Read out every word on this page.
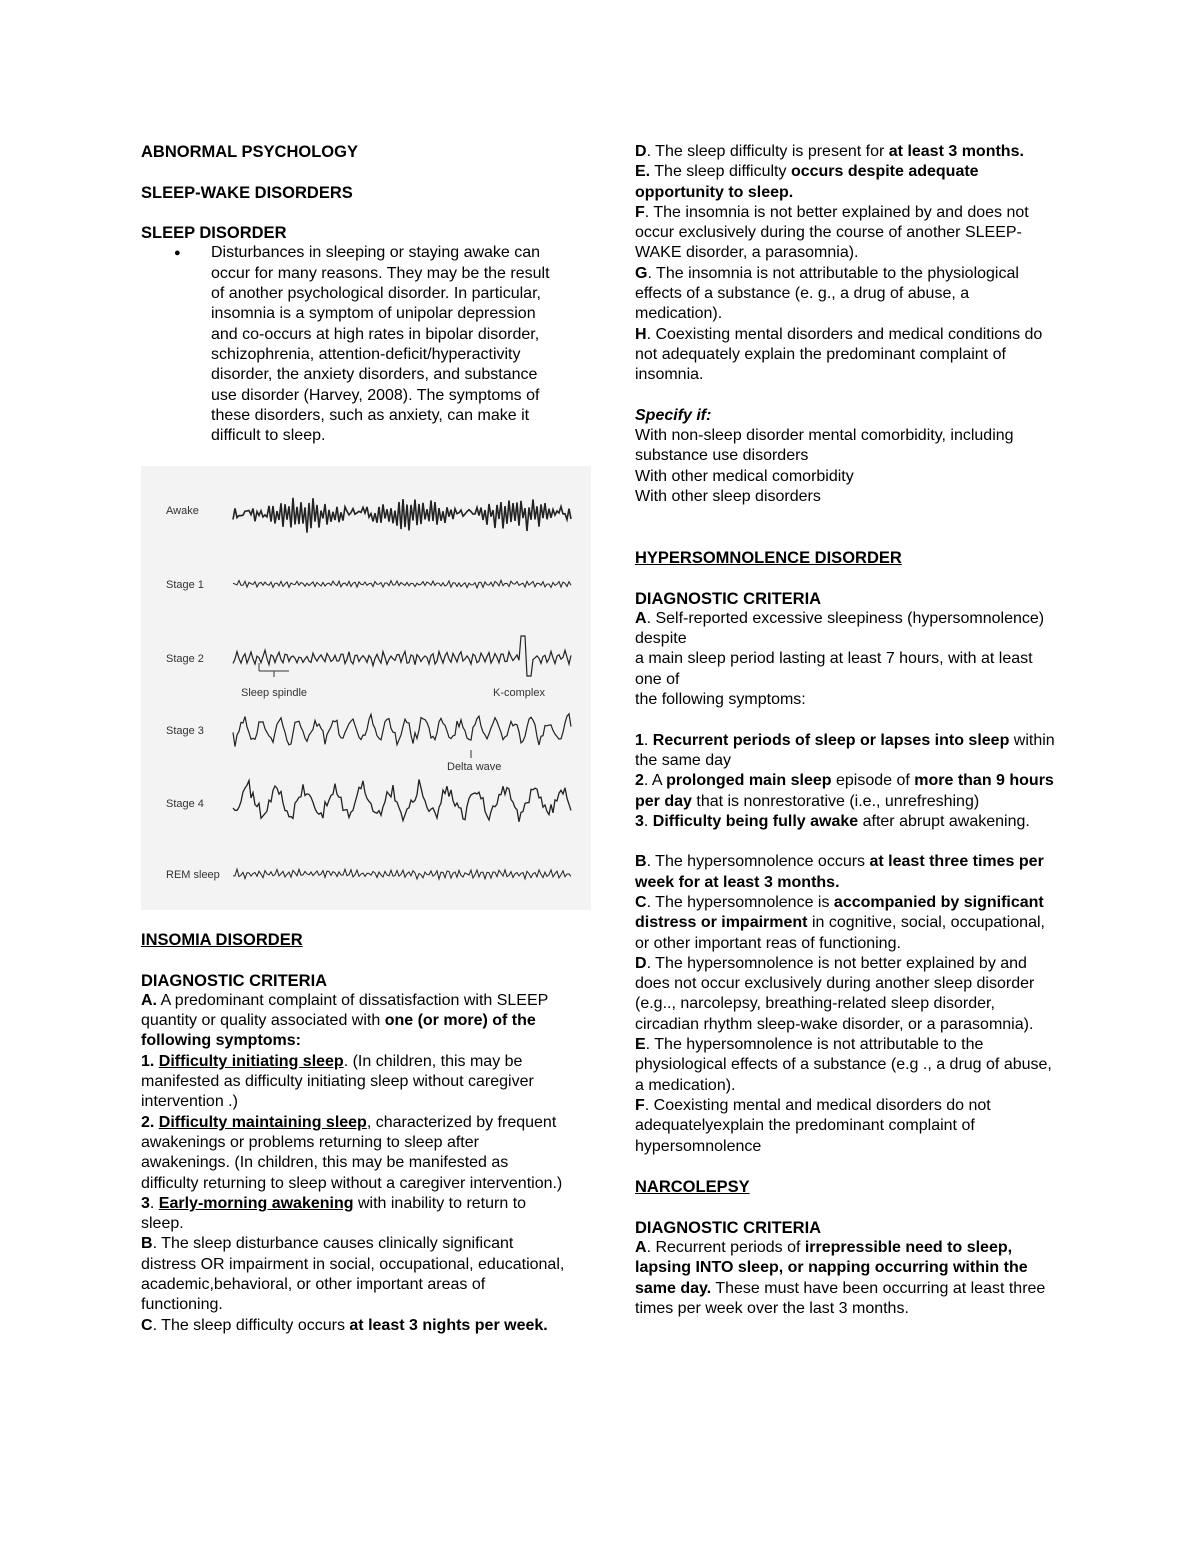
ABNORMAL PSYCHOLOGY

SLEEP-WAKE DISORDERS

SLEEP DISORDER

● Disturbances in sleeping or staying awake can occur for many reasons. They may be the result of another psychological disorder. In particular, insomnia is a symptom of unipolar depression and co-occurs at high rates in bipolar disorder, schizophrenia, attention-deficit/hyperactivity disorder, the anxiety disorders, and substance use disorder (Harvey, 2008). The symptoms of these disorders, such as anxiety, can make it difficult to sleep.

Awake
Stage 1
Stage 2
Stage 3
Stage 4
REM sleep
Sleep spindle	K-complex
Delta wave

INSOMIA DISORDER

DIAGNOSTIC CRITERIA

A. A predominant complaint of dissatisfaction with SLEEP quantity or quality associated with one (or more) of the following symptoms:

1. Difficulty initiating sleep. (In children, this may be manifested as difficulty initiating sleep without caregiver intervention .)

2. Difficulty maintaining sleep, characterized by frequent awakenings or problems returning to sleep after awakenings. (In children, this may be manifested as difficulty returning to sleep without a caregiver intervention.)

3. Early-morning awakening with inability to return to sleep.

B. The sleep disturbance causes clinically significant distress OR impairment in social, occupational, educational, academic,behavioral, or other important areas of functioning.

C. The sleep difficulty occurs at least 3 nights per week.

D. The sleep difficulty is present for at least 3 months.

E. The sleep difficulty occurs despite adequate opportunity to sleep.

F. The insomnia is not better explained by and does not occur exclusively during the course of another SLEEP-WAKE disorder, a parasomnia).

G. The insomnia is not attributable to the physiological effects of a substance (e. g., a drug of abuse, a medication).

H. Coexisting mental disorders and medical conditions do not adequately explain the predominant complaint of insomnia.

Specify if:

With non-sleep disorder mental comorbidity, including substance use disorders

With other medical comorbidity

With other sleep disorders

HYPERSOMNOLENCE DISORDER

DIAGNOSTIC CRITERIA

A. Self-reported excessive sleepiness (hypersomnolence) despite

a main sleep period lasting at least 7 hours, with at least one of

the following symptoms:

1. Recurrent periods of sleep or lapses into sleep within the same day

2. A prolonged main sleep episode of more than 9 hours per day that is nonrestorative (i.e., unrefreshing)

3. Difficulty being fully awake after abrupt awakening.

B. The hypersomnolence occurs at least three times per week for at least 3 months.

C. The hypersomnolence is accompanied by significant distress or impairment in cognitive, social, occupational, or other important reas of functioning.

D. The hypersomnolence is not better explained by and does not occur exclusively during another sleep disorder

(e.g.., narcolepsy, breathing-related sleep disorder, circadian rhythm sleep-wake disorder, or a parasomnia).

E. The hypersomnolence is not attributable to the physiological effects of a substance (e.g ., a drug of abuse, a medication).

F. Coexisting mental and medical disorders do not adequatelyexplain the predominant complaint of hypersomnolence

NARCOLEPSY

DIAGNOSTIC CRITERIA

A. Recurrent periods of irrepressible need to sleep, lapsing INTO sleep, or napping occurring within the same day. These must have been occurring at least three times per week over the last 3 months.
